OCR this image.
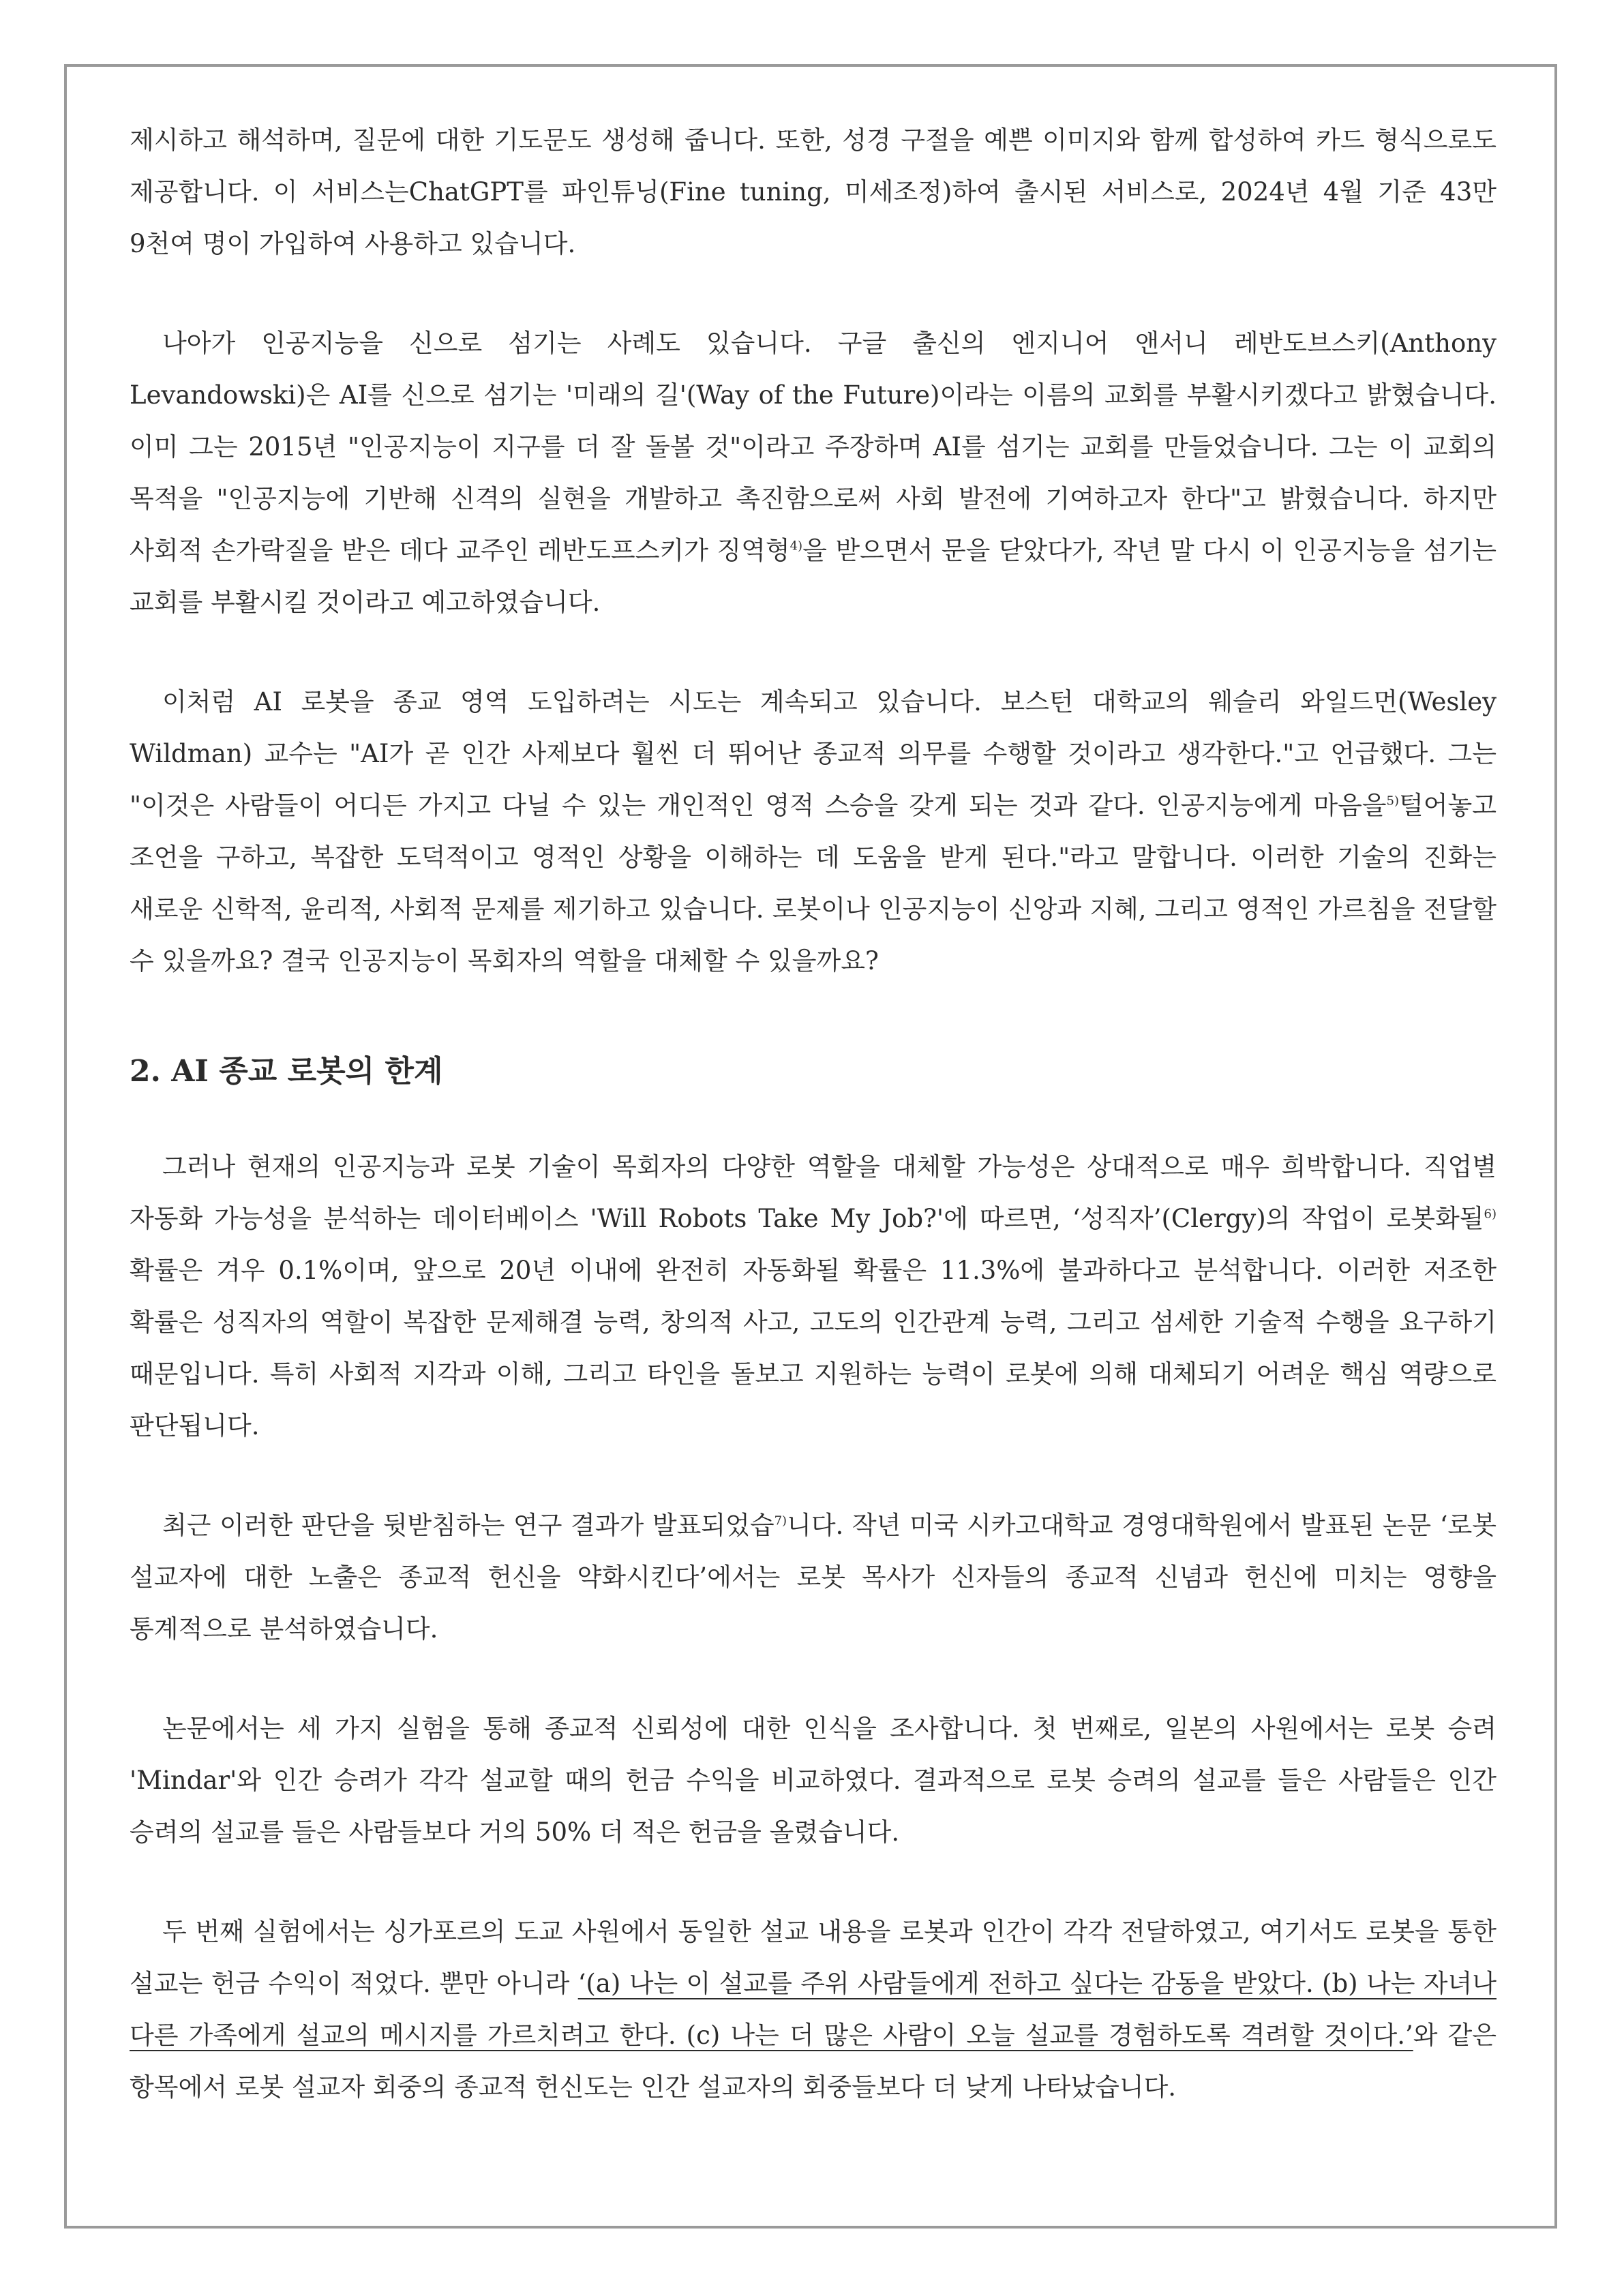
제시하고 해석하며, 질문에 대한 기도문도 생성해 줍니다. 또한, 성경 구절을 예쁜 이미지와 함께 합성하여 카드 형식으로도 제공합니다. 이 서비스는ChatGPT를 파인튜닝(Fine tuning, 미세조정)하여 출시된 서비스로, 2024년 4월 기준 43만 9천여 명이 가입하여 사용하고 있습니다.

나아가 인공지능을 신으로 섬기는 사례도 있습니다. 구글 출신의 엔지니어 앤서니 레반도브스키(Anthony Levandowski)은 AI를 신으로 섬기는 '미래의 길'(Way of the Future)이라는 이름의 교회를 부활시키겠다고 밝혔습니다. 이미 그는 2015년 "인공지능이 지구를 더 잘 돌볼 것"이라고 주장하며 AI를 섬기는 교회를 만들었습니다. 그는 이 교회의 목적을 "인공지능에 기반해 신격의 실현을 개발하고 촉진함으로써 사회 발전에 기여하고자 한다"고 밝혔습니다. 하지만 사회적 손가락질을 받은 데다 교주인 레반도프스키가 징역형$^{4)}$을 받으면서 문을 닫았다가, 작년 말 다시 이 인공지능을 섬기는 교회를 부활시킬 것이라고 예고하였습니다.

이처럼 AI 로봇을 종교 영역 도입하려는 시도는 계속되고 있습니다. 보스턴 대학교의 웨슬리 와일드먼(Wesley Wildman) 교수는 "AI가 곧 인간 사제보다 훨씬 더 뛰어난 종교적 의무를 수행할 것이라고 생각한다."고 언급했다. 그는 "이것은 사람들이 어디든 가지고 다닐 수 있는 개인적인 영적 스승을 갖게 되는 것과 같다. 인공지능에게 마음을$^{5)}$털어놓고 조언을 구하고, 복잡한 도덕적이고 영적인 상황을 이해하는 데 도움을 받게 된다."라고 말합니다. 이러한 기술의 진화는 새로운 신학적, 윤리적, 사회적 문제를 제기하고 있습니다. 로봇이나 인공지능이 신앙과 지혜, 그리고 영적인 가르침을 전달할 수 있을까요? 결국 인공지능이 목회자의 역할을 대체할 수 있을까요?

2. AI 종교 로봇의 한계

그러나 현재의 인공지능과 로봇 기술이 목회자의 다양한 역할을 대체할 가능성은 상대적으로 매우 희박합니다. 직업별 자동화 가능성을 분석하는 데이터베이스 'Will Robots Take My Job?'에 따르면, ‘성직자’(Clergy)의 작업이 로봇화될$^{6)}$ 확률은 겨우 0.1%이며, 앞으로 20년 이내에 완전히 자동화될 확률은 11.3%에 불과하다고 분석합니다. 이러한 저조한 확률은 성직자의 역할이 복잡한 문제해결 능력, 창의적 사고, 고도의 인간관계 능력, 그리고 섬세한 기술적 수행을 요구하기 때문입니다. 특히 사회적 지각과 이해, 그리고 타인을 돌보고 지원하는 능력이 로봇에 의해 대체되기 어려운 핵심 역량으로 판단됩니다.

최근 이러한 판단을 뒷받침하는 연구 결과가 발표되었습$^{7)}$니다. 작년 미국 시카고대학교 경영대학원에서 발표된 논문 ‘로봇 설교자에 대한 노출은 종교적 헌신을 약화시킨다’에서는 로봇 목사가 신자들의 종교적 신념과 헌신에 미치는 영향을 통계적으로 분석하였습니다.

논문에서는 세 가지 실험을 통해 종교적 신뢰성에 대한 인식을 조사합니다. 첫 번째로, 일본의 사원에서는 로봇 승려 'Mindar'와 인간 승려가 각각 설교할 때의 헌금 수익을 비교하였다. 결과적으로 로봇 승려의 설교를 들은 사람들은 인간 승려의 설교를 들은 사람들보다 거의 50% 더 적은 헌금을 올렸습니다.

두 번째 실험에서는 싱가포르의 도교 사원에서 동일한 설교 내용을 로봇과 인간이 각각 전달하였고, 여기서도 로봇을 통한 설교는 헌금 수익이 적었다. 뿐만 아니라 ‘(a) 나는 이 설교를 주위 사람들에게 전하고 싶다는 감동을 받았다. (b) 나는 자녀나 다른 가족에게 설교의 메시지를 가르치려고 한다. (c) 나는 더 많은 사람이 오늘 설교를 경험하도록 격려할 것이다.’와 같은 항목에서 로봇 설교자 회중의 종교적 헌신도는 인간 설교자의 회중들보다 더 낮게 나타났습니다.
